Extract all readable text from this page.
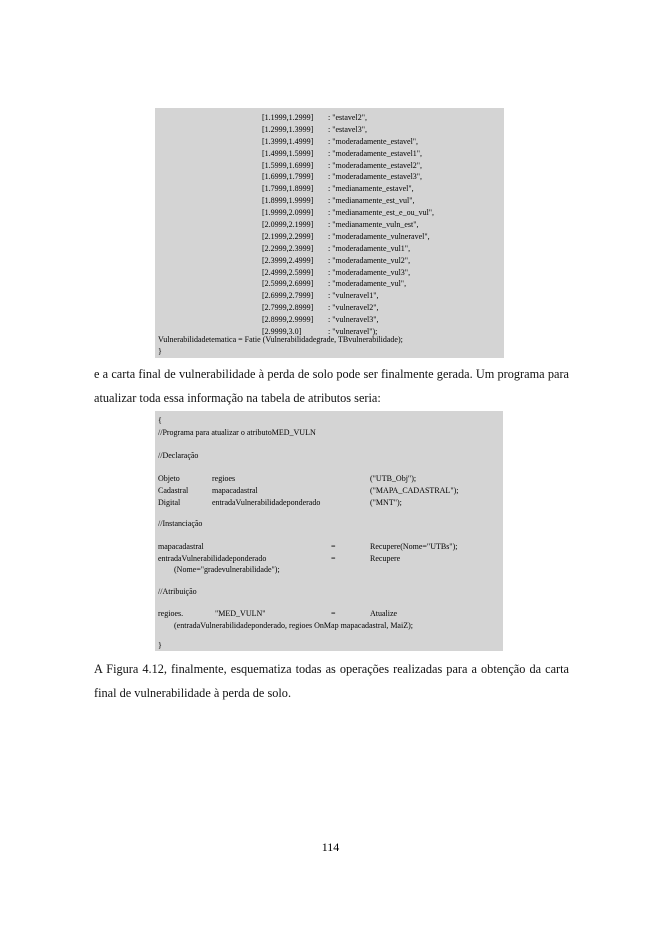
[1.1999,1.2999] : "estavel2",
[1.2999,1.3999] : "estavel3",
[1.3999,1.4999] : "moderadamente_estavel",
[1.4999,1.5999] : "moderadamente_estavel1",
[1.5999,1.6999] : "moderadamente_estavel2",
[1.6999,1.7999] : "moderadamente_estavel3",
[1.7999,1.8999] : "medianamente_estavel",
[1.8999,1.9999] : "medianamente_est_vul",
[1.9999,2.0999] : "medianamente_est_e_ou_vul",
[2.0999,2.1999] : "medianamente_vuln_est",
[2.1999,2.2999] : "moderadamente_vulneravel",
[2.2999,2.3999] : "moderadamente_vul1",
[2.3999,2.4999] : "moderadamente_vul2",
[2.4999,2.5999] : "moderadamente_vul3",
[2.5999,2.6999] : "moderadamente_vul",
[2.6999,2.7999] : "vulneravel1",
[2.7999,2.8999] : "vulneravel2",
[2.8999,2.9999] : "vulneravel3",
[2.9999,3.0]	: "vulneravel");
Vulnerabilidadetematica = Fatie (Vulnerabilidadegrade, TBvulnerabilidade);
}
e a carta final de vulnerabilidade à perda de solo pode ser finalmente gerada. Um programa para atualizar toda essa informação na tabela de atributos seria:
{
//Programa para atualizar o atributoMED_VULN
//Declaração
Objeto	regioes	("UTB_Obj");
Cadastral	mapacadastral	("MAPA_CADASTRAL");
Digital	entradaVulnerabilidadeponderado	("MNT");
//Instanciação
mapacadastral	=	Recupere(Nome="UTBs");
entradaVulnerabilidadeponderado	=	Recupere
(Nome="gradevulnerabilidade");
//Atribuição
regioes.	"MED_VULN"	=	Atualize
(entradaVulnerabilidadeponderado, regioes OnMap mapacadastral, MaiZ);
}
A Figura 4.12, finalmente, esquematiza todas as operações realizadas para a obtenção da carta final de vulnerabilidade à perda de solo.
114
